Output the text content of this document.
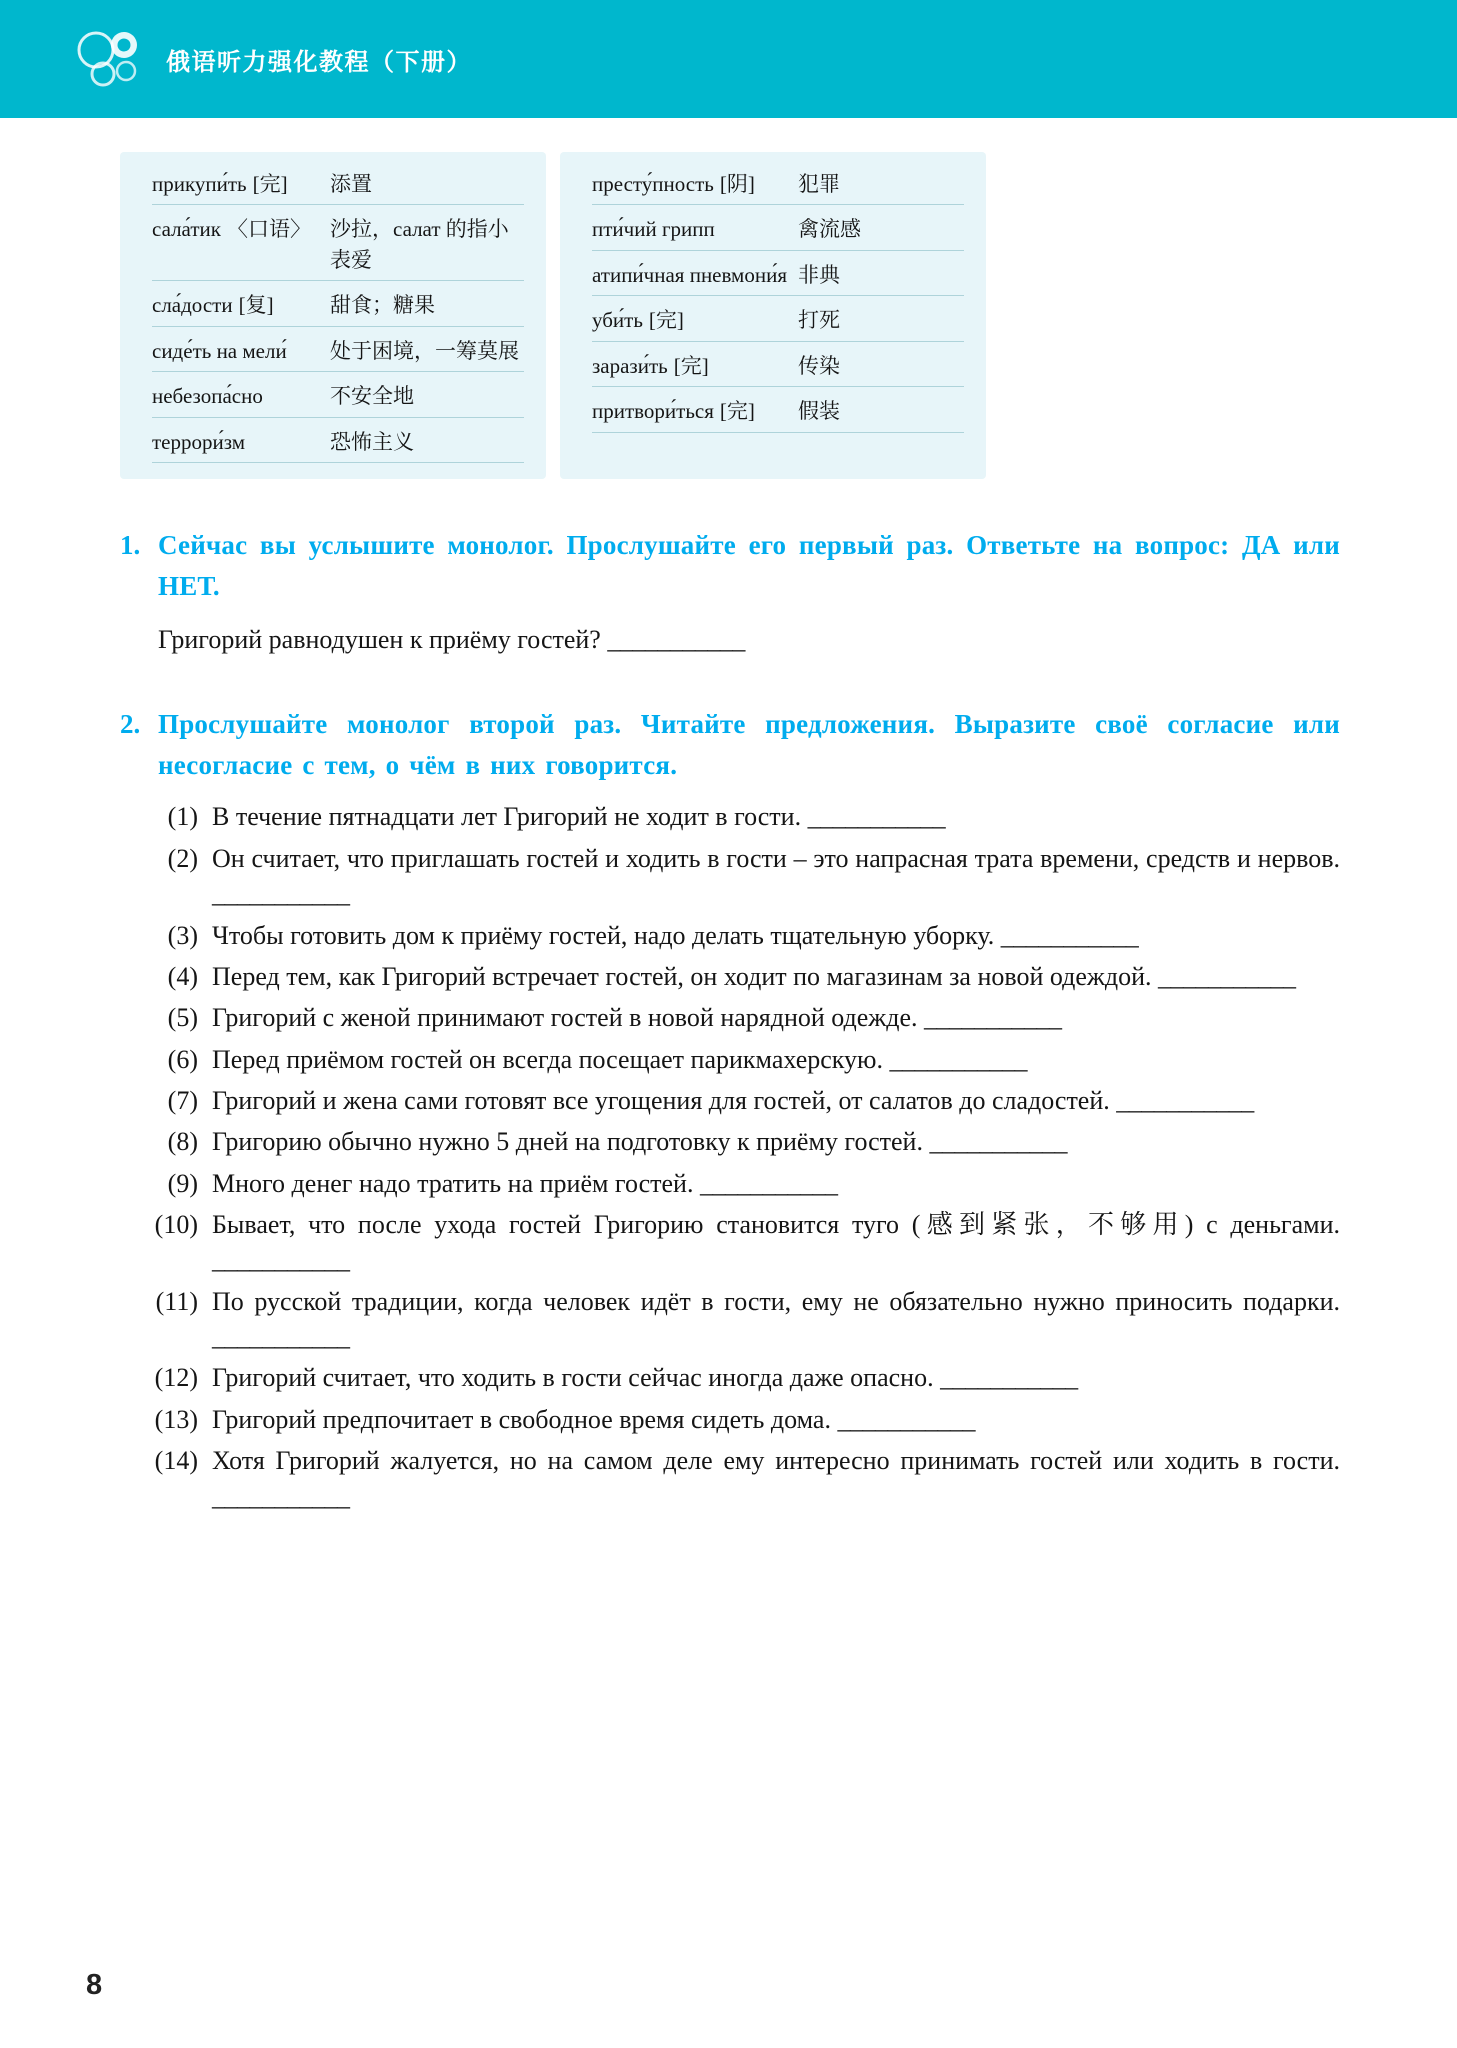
俄语听力强化教程（下册）
прикупи́ть [完]	添置
сала́тик 〈口语〉 沙拉，салат 的指小表爱
сла́дости [复]	甜食；糖果
сиде́ть на мели́	处于困境，一筹莫展
небезопа́сно	不安全地
террори́зм	恐怖主义
престу́пность [阴]	犯罪
пти́чий грипп	禽流感
атипи́чная пневмони́я 非典
уби́ть [完]	打死
зарази́ть [完]	传染
притвори́ться [完]	假装
1. Сейчас вы услышите монолог. Прослушайте его первый раз. Ответьте на вопрос: ДА или НЕТ.
Григорий равнодушен к приёму гостей? ___________
2. Прослушайте монолог второй раз. Читайте предложения. Выразите своё согласие или несогласие с тем, о чём в них говорится.
(1) В течение пятнадцати лет Григорий не ходит в гости. ___________
(2) Он считает, что приглашать гостей и ходить в гости – это напрасная трата времени, средств и нервов. ___________
(3) Чтобы готовить дом к приёму гостей, надо делать тщательную уборку. ___________
(4) Перед тем, как Григорий встречает гостей, он ходит по магазинам за новой одеждой. ___________
(5) Григорий с женой принимают гостей в новой нарядной одежде. ___________
(6) Перед приёмом гостей он всегда посещает парикмахерскую. ___________
(7) Григорий и жена сами готовят все угощения для гостей, от салатов до сладостей. ___________
(8) Григорию обычно нужно 5 дней на подготовку к приёму гостей. ___________
(9) Много денег надо тратить на приём гостей. ___________
(10) Бывает, что после ухода гостей Григорию становится туго (感到紧张，不够用) с деньгами. ___________
(11) По русской традиции, когда человек идёт в гости, ему не обязательно нужно приносить подарки. ___________
(12) Григорий считает, что ходить в гости сейчас иногда даже опасно. ___________
(13) Григорий предпочитает в свободное время сидеть дома. ___________
(14) Хотя Григорий жалуется, но на самом деле ему интересно принимать гостей или ходить в гости. ___________
8
